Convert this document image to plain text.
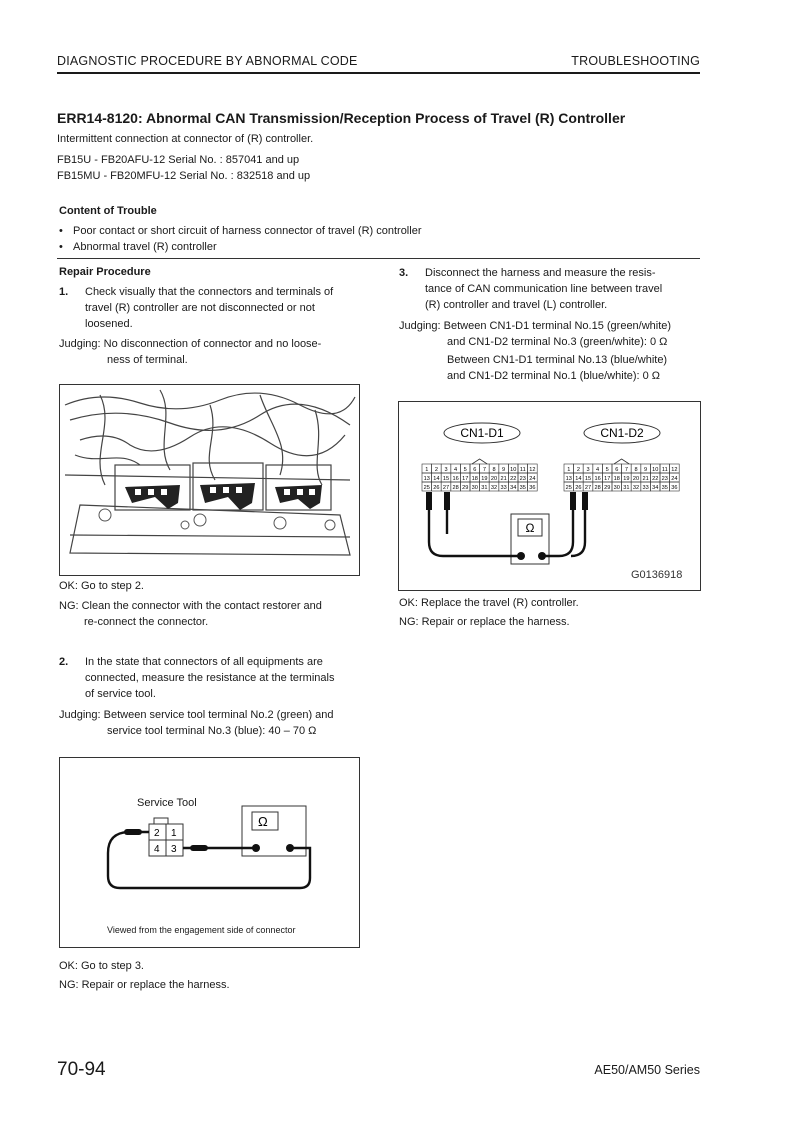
DIAGNOSTIC PROCEDURE BY ABNORMAL CODE	TROUBLESHOOTING
ERR14-8120: Abnormal CAN Transmission/Reception Process of Travel (R) Controller
Intermittent connection at connector of (R) controller.
FB15U - FB20AFU-12 Serial No. : 857041 and up
FB15MU - FB20MFU-12 Serial No. : 832518 and up
Content of Trouble
• Poor contact or short circuit of harness connector of travel (R) controller
• Abnormal travel (R) controller
Repair Procedure
1. Check visually that the connectors and terminals of
travel (R) controller are not disconnected or not
loosened.
Judging: No disconnection of connector and no loose-
ness of terminal.
OK: Go to step 2.
NG: Clean the connector with the contact restorer and
re-connect the connector.
2. In the state that connectors of all equipments are
connected, measure the resistance at the terminals
of service tool.
Judging: Between service tool terminal No.2 (green) and
service tool terminal No.3 (blue): 40 – 70 Ω
Service Tool
2 1
4 3
Ω
Viewed from the engagement side of connector
OK: Go to step 3.
NG: Repair or replace the harness.
3. Disconnect the harness and measure the resis-
tance of CAN communication line between travel
(R) controller and travel (L) controller.
Judging: Between CN1-D1 terminal No.15 (green/white)
and CN1-D2 terminal No.3 (green/white): 0 Ω
Between CN1-D1 terminal No.13 (blue/white)
and CN1-D2 terminal No.1 (blue/white): 0 Ω
CN1-D1	CN1-D2
1 2 3 4 5 6 7 8 9 10 11 12
13 14 15 16 17 18 19 20 21 22 23 24
25 26 27 28 29 30 31 32 33 34 35 36
1 2 3 4 5 6 7 8 9 10 11 12
13 14 15 16 17 18 19 20 21 22 23 24
25 26 27 28 29 30 31 32 33 34 35 36
Ω
G0136918
OK: Replace the travel (R) controller.
NG: Repair or replace the harness.
70-94	AE50/AM50 Series
